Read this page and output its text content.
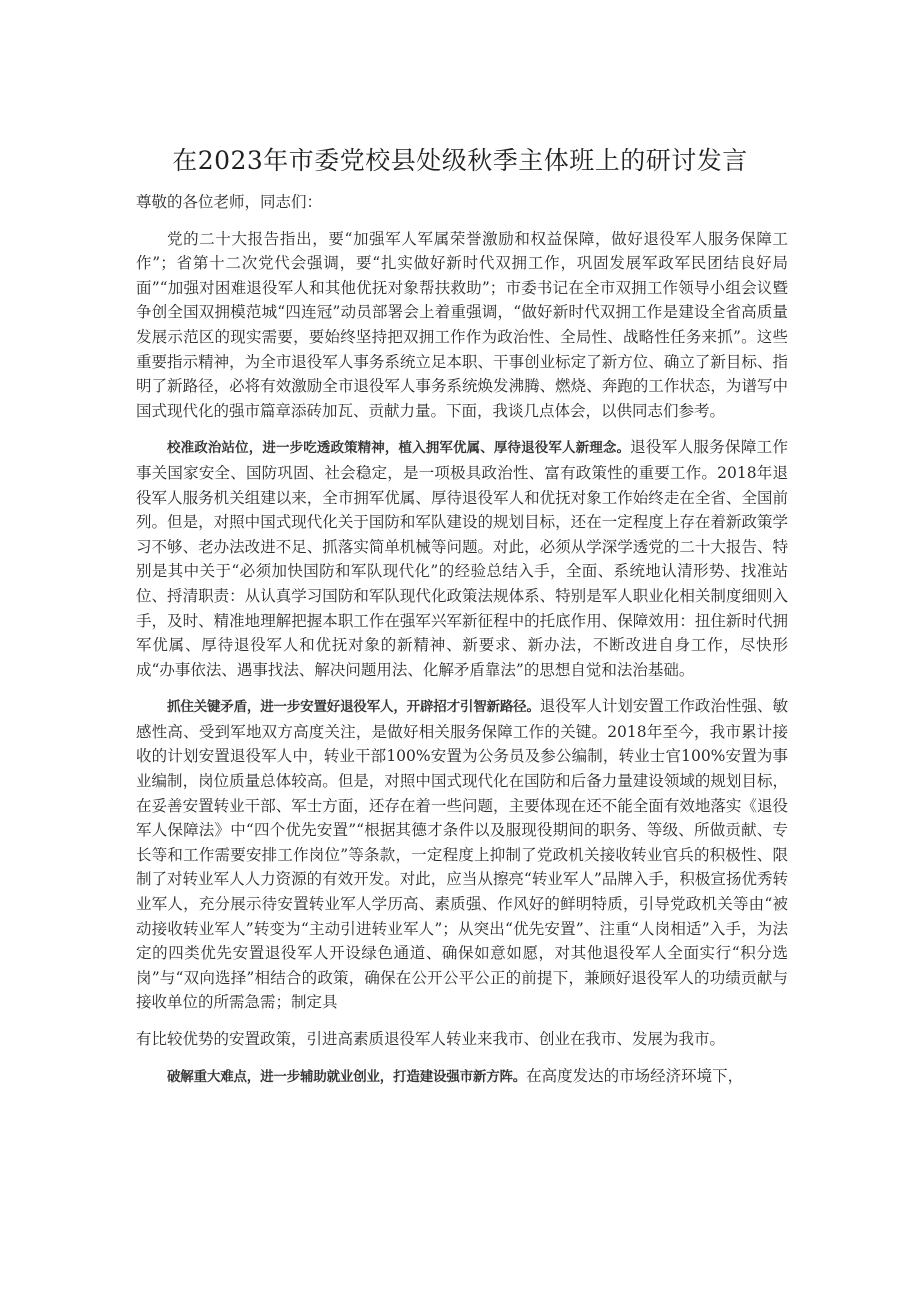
在2023年市委党校县处级秋季主体班上的研讨发言

尊敬的各位老师，同志们：

党的二十大报告指出，要“加强军人军属荣誉激励和权益保障，做好退役军人服务保障工作”；省第十二次党代会强调，要“扎实做好新时代双拥工作，巩固发展军政军民团结良好局面”“加强对困难退役军人和其他优抚对象帮扶救助”；市委书记在全市双拥工作领导小组会议暨争创全国双拥模范城“四连冠”动员部署会上着重强调，“做好新时代双拥工作是建设全省高质量发展示范区的现实需要，要始终坚持把双拥工作作为政治性、全局性、战略性任务来抓”。这些重要指示精神，为全市退役军人事务系统立足本职、干事创业标定了新方位、确立了新目标、指明了新路径，必将有效激励全市退役军人事务系统焕发沸腾、燃烧、奔跑的工作状态，为谱写中国式现代化的强市篇章添砖加瓦、贡献力量。下面，我谈几点体会，以供同志们参考。

校准政治站位，进一步吃透政策精神，植入拥军优属、厚待退役军人新理念。退役军人服务保障工作事关国家安全、国防巩固、社会稳定，是一项极具政治性、富有政策性的重要工作。2018年退役军人服务机关组建以来，全市拥军优属、厚待退役军人和优抚对象工作始终走在全省、全国前列。但是，对照中国式现代化关于国防和军队建设的规划目标，还在一定程度上存在着新政策学习不够、老办法改进不足、抓落实简单机械等问题。对此，必须从学深学透党的二十大报告、特别是其中关于“必须加快国防和军队现代化”的经验总结入手，全面、系统地认清形势、找准站位、捋清职责：从认真学习国防和军队现代化政策法规体系、特别是军人职业化相关制度细则入手，及时、精准地理解把握本职工作在强军兴军新征程中的托底作用、保障效用：扭住新时代拥军优属、厚待退役军人和优抚对象的新精神、新要求、新办法，不断改进自身工作，尽快形成“办事依法、遇事找法、解决问题用法、化解矛盾靠法”的思想自觉和法治基础。

抓住关键矛盾，进一步安置好退役军人，开辟招才引智新路径。退役军人计划安置工作政治性强、敏感性高、受到军地双方高度关注，是做好相关服务保障工作的关键。2018年至今，我市累计接收的计划安置退役军人中，转业干部100%安置为公务员及参公编制，转业士官100%安置为事业编制，岗位质量总体较高。但是，对照中国式现代化在国防和后备力量建设领域的规划目标，在妥善安置转业干部、军士方面，还存在着一些问题，主要体现在还不能全面有效地落实《退役军人保障法》中“四个优先安置”“根据其德才条件以及服现役期间的职务、等级、所做贡献、专长等和工作需要安排工作岗位”等条款，一定程度上抑制了党政机关接收转业官兵的积极性、限制了对转业军人人力资源的有效开发。对此，应当从擦亮“转业军人”品牌入手，积极宣扬优秀转业军人，充分展示待安置转业军人学历高、素质强、作风好的鲜明特质，引导党政机关等由“被动接收转业军人”转变为“主动引进转业军人”；从突出“优先安置”、注重“人岗相适”入手，为法定的四类优先安置退役军人开设绿色通道、确保如意如愿，对其他退役军人全面实行“积分选岗”与“双向选择”相结合的政策，确保在公开公平公正的前提下，兼顾好退役军人的功绩贡献与接收单位的所需急需；制定具

有比较优势的安置政策，引进高素质退役军人转业来我市、创业在我市、发展为我市。

破解重大难点，进一步辅助就业创业，打造建设强市新方阵。在高度发达的市场经济环境下，
